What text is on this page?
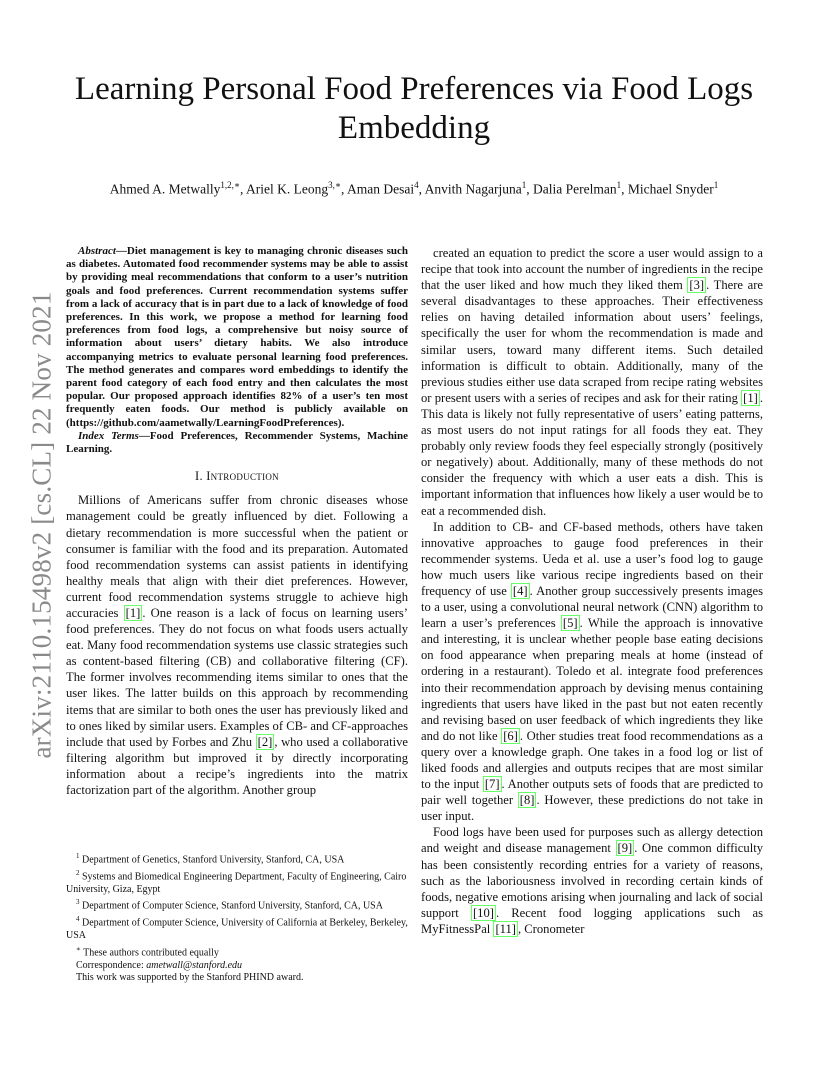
arXiv:2110.15498v2 [cs.CL] 22 Nov 2021
Learning Personal Food Preferences via Food Logs Embedding
Ahmed A. Metwally$^{1,2,∗}$, Ariel K. Leong$^{3,∗}$, Aman Desai$^4$, Anvith Nagarjuna$^1$, Dalia Perelman$^1$, Michael Snyder$^1$

Abstract—Diet management is key to managing chronic diseases such as diabetes. Automated food recommender systems may be able to assist by providing meal recommendations that conform to a user’s nutrition goals and food preferences. Current recommendation systems suffer from a lack of accuracy that is in part due to a lack of knowledge of food preferences. In this work, we propose a method for learning food preferences from food logs, a comprehensive but noisy source of information about users’ dietary habits. We also introduce accompanying metrics to evaluate personal learning food preferences. The method generates and compares word embeddings to identify the parent food category of each food entry and then calculates the most popular. Our proposed approach identifies 82% of a user’s ten most frequently eaten foods. Our method is publicly available on (https://github.com/aametwally/LearningFoodPreferences).

Index Terms—Food Preferences, Recommender Systems, Machine Learning.

I. Introduction

Millions of Americans suffer from chronic diseases whose management could be greatly influenced by diet. Following a dietary recommendation is more successful when the patient or consumer is familiar with the food and its preparation. Automated food recommendation systems can assist patients in identifying healthy meals that align with their diet preferences. However, current food recommendation systems struggle to achieve high accuracies [1] . One reason is a lack of focus on learning users’ food preferences. They do not focus on what foods users actually eat. Many food recommendation systems use classic strategies such as content-based filtering (CB) and collaborative filtering (CF). The former involves recommending items similar to ones that the user likes. The latter builds on this approach by recommending items that are similar to both ones the user has previously liked and to ones liked by similar users. Examples of CB- and CF-approaches include that used by Forbes and Zhu [2] , who used a collaborative filtering algorithm but improved it by directly incorporating information about a recipe’s ingredients into the matrix factorization part of the algorithm. Another group

created an equation to predict the score a user would assign to a recipe that took into account the number of ingredients in the recipe that the user liked and how much they liked them [3] . There are several disadvantages to these approaches. Their effectiveness relies on having detailed information about users’ feelings, specifically the user for whom the recommendation is made and similar users, toward many different items. Such detailed information is difficult to obtain. Additionally, many of the previous studies either use data scraped from recipe rating websites or present users with a series of recipes and ask for their rating [1] . This data is likely not fully representative of users’ eating patterns, as most users do not input ratings for all foods they eat. They probably only review foods they feel especially strongly (positively or negatively) about. Additionally, many of these methods do not consider the frequency with which a user eats a dish. This is important information that influences how likely a user would be to eat a recommended dish.

In addition to CB- and CF-based methods, others have taken innovative approaches to gauge food preferences in their recommender systems. Ueda et al. use a user’s food log to gauge how much users like various recipe ingredients based on their frequency of use [4] . Another group successively presents images to a user, using a convolutional neural network (CNN) algorithm to learn a user’s preferences [5] . While the approach is innovative and interesting, it is unclear whether people base eating decisions on food appearance when preparing meals at home (instead of ordering in a restaurant). Toledo et al. integrate food preferences into their recommendation approach by devising menus containing ingredients that users have liked in the past but not eaten recently and revising based on user feedback of which ingredients they like and do not like [6] . Other studies treat food recommendations as a query over a knowledge graph. One takes in a food log or list of liked foods and allergies and outputs recipes that are most similar to the input [7] . Another outputs sets of foods that are predicted to pair well together [8] . However, these predictions do not take in user input.

Food logs have been used for purposes such as allergy detection and weight and disease management [9] . One common difficulty has been consistently recording entries for a variety of reasons, such as the laboriousness involved in recording certain kinds of foods, negative emotions arising when journaling and lack of social support [10] . Recent food logging applications such as MyFitnessPal [11] , Cronometer

$^1$ Department of Genetics, Stanford University, Stanford, CA, USA

$^2$ Systems and Biomedical Engineering Department, Faculty of Engineering, Cairo University, Giza, Egypt

$^3$ Department of Computer Science, Stanford University, Stanford, CA, USA

$^4$ Department of Computer Science, University of California at Berkeley, Berkeley, USA

∗ These authors contributed equally

Correspondence: ametwall@stanford.edu

This work was supported by the Stanford PHIND award.
